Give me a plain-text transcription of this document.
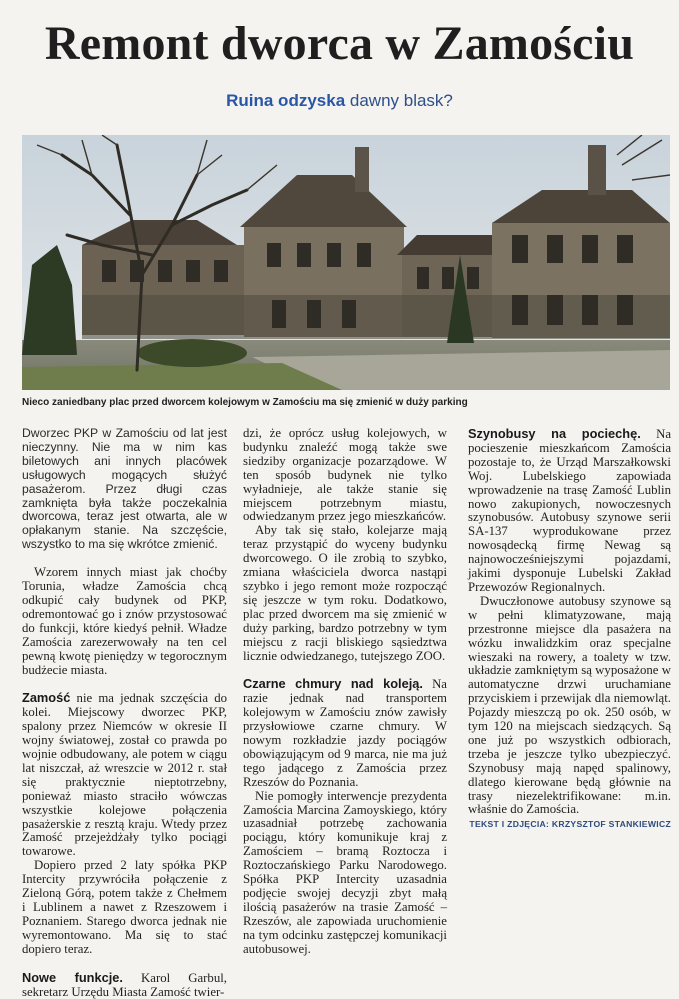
Remont dworca w Zamościu
Ruina odzyska dawny blask?
Nieco zaniedbany plac przed dworcem kolejowym w Zamościu ma się zmienić w duży parking

Dworzec PKP w Zamościu od lat jest nieczynny. Nie ma w nim kas biletowych ani innych placówek usługowych mogących służyć pasażerom. Przez długi czas zamknięta była także poczekalnia dworcowa, teraz jest otwarta, ale w opłakanym stanie. Na szczęście, wszystko to ma się wkrótce zmienić.

Wzorem innych miast jak choćby Torunia, władze Zamościa chcą odkupić cały budynek od PKP, odremontować go i znów przystosować do funkcji, które kiedyś pełnił. Władze Zamościa zarezerwowały na ten cel pewną kwotę pieniędzy w tegorocznym budżecie miasta.

Zamość nie ma jednak szczęścia do kolei. Miejscowy dworzec PKP, spalony przez Niemców w okresie II wojny światowej, został co prawda po wojnie odbudowany, ale potem w ciągu lat niszczał, aż wreszcie w 2012 r. stał się praktycznie nieptotrzebny, ponieważ miasto straciło wówczas wszystkie kolejowe połączenia pasażerskie z resztą kraju. Wtedy przez Zamość przejeżdżały tylko pociągi towarowe.

Dopiero przed 2 laty spółka PKP Intercity przywróciła połączenie z Zieloną Górą, potem także z Chełmem i Lublinem a nawet z Rzeszowem i Poznaniem. Starego dworca jednak nie wyremontowano. Ma się to stać dopiero teraz.

Nowe funkcje. Karol Garbul, sekretarz Urzędu Miasta Zamość twier-

dzi, że oprócz usług kolejowych, w budynku znaleźć mogą także swe siedziby organizacje pozarządowe. W ten sposób budynek nie tylko wyładnieje, ale także stanie się miejscem potrzebnym miastu, odwiedzanym przez jego mieszkańców.

Aby tak się stało, kolejarze mają teraz przystąpić do wyceny budynku dworcowego. O ile zrobią to szybko, zmiana właściciela dworca nastąpi szybko i jego remont może rozpocząć się jeszcze w tym roku. Dodatkowo, plac przed dworcem ma się zmienić w duży parking, bardzo potrzebny w tym miejscu z racji bliskiego sąsiedztwa licznie odwiedzanego, tutejszego ZOO.

Czarne chmury nad koleją. Na razie jednak nad transportem kolejowym w Zamościu znów zawisły przysłowiowe czarne chmury. W nowym rozkładzie jazdy pociągów obowiązującym od 9 marca, nie ma już tego jadącego z Zamościa przez Rzeszów do Poznania.

Nie pomogły interwencje prezydenta Zamościa Marcina Zamoyskiego, który uzasadniał potrzebę zachowania pociągu, który komunikuje kraj z Zamościem – bramą Roztocza i Roztoczańskiego Parku Narodowego. Spółka PKP Intercity uzasadnia podjęcie swojej decyzji zbyt małą ilością pasażerów na trasie Zamość – Rzeszów, ale zapowiada uruchomienie na tym odcinku zastępczej komunikacji autobusowej.

Szynobusy na pociechę. Na pocieszenie mieszkańcom Zamościa pozostaje to, że Urząd Marszałkowski Woj. Lubelskiego zapowiada wprowadzenie na trasę Zamość Lublin nowo zakupionych, nowoczesnych szynobusów. Autobusy szynowe serii SA-137 wyprodukowane przez nowosądecką firmę Newag są najnowocześniejszymi pojazdami, jakimi dysponuje Lubelski Zakład Przewozów Regionalnych.

Dwuczłonowe autobusy szynowe są w pełni klimatyzowane, mają przestronne miejsce dla pasażera na wózku inwalidzkim oraz specjalne wieszaki na rowery, a toalety w tzw. układzie zamkniętym są wyposażone w automatyczne drzwi uruchamiane przyciskiem i przewijak dla niemowląt. Pojazdy mieszczą po ok. 250 osób, w tym 120 na miejscach siedzących. Są one już po wszystkich odbiorach, trzeba je jeszcze tylko ubezpieczyć. Szynobusy mają napęd spalinowy, dlatego kierowane będą głównie na trasy niezelektrifikowane: m.in. właśnie do Zamościa.

TEKST I ZDJĘCIA: KRZYSZTOF STANKIEWICZ
